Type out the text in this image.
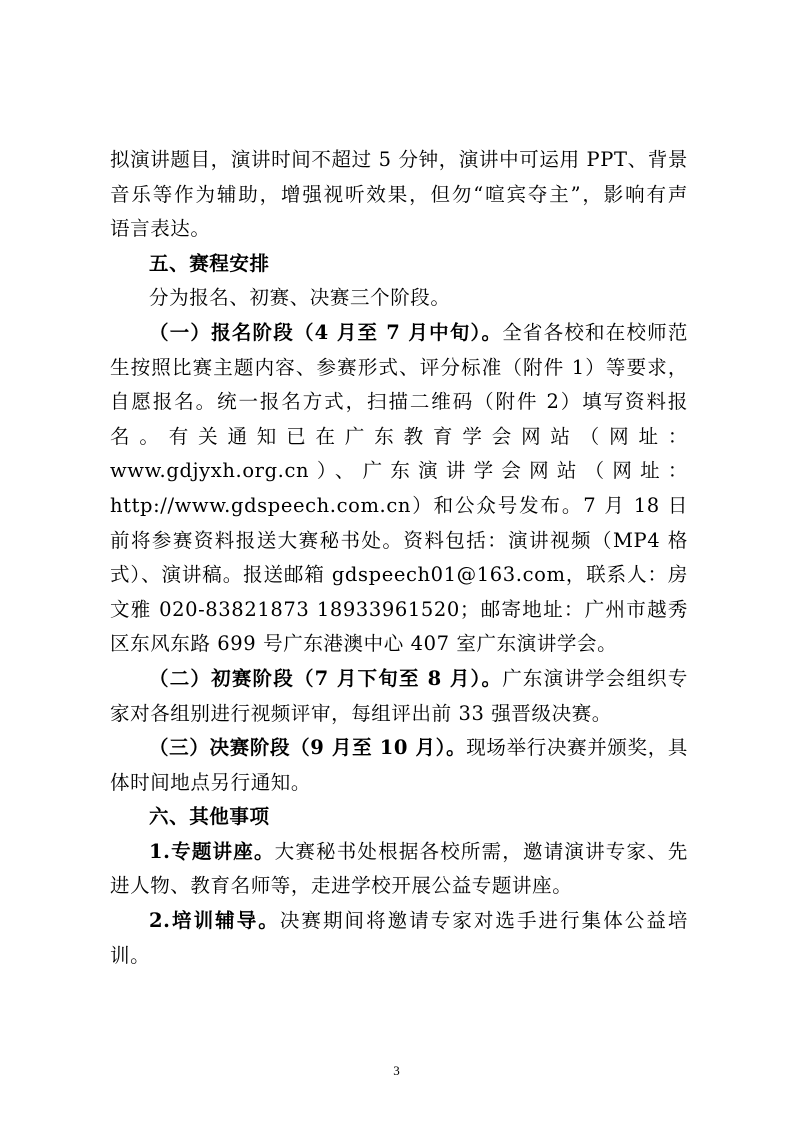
拟演讲题目，演讲时间不超过 5 分钟，演讲中可运用 PPT、背景

音乐等作为辅助，增强视听效果，但勿“喧宾夺主”，影响有声

语言表达。

五、赛程安排

分为报名、初赛、决赛三个阶段。

（一）报名阶段（4 月至 7 月中旬）。全省各校和在校师范生按照比赛主题内容、参赛形式、评分标准（附件 1）等要求，自愿报名。统一报名方式，扫描二维码（附件 2）填写资料报名。有关通知已在广东教育学会网站（网址：www.gdjyxh.org.cn）、广东演讲学会网站（网址：http://www.gdspeech.com.cn）和公众号发布。7 月 18 日前将参赛资料报送大赛秘书处。资料包括：演讲视频（MP4 格式）、演讲稿。报送邮箱 gdspeech01@163.com，联系人：房文雅 020-83821873 18933961520；邮寄地址：广州市越秀区东风东路 699 号广东港澳中心 407 室广东演讲学会。

（二）初赛阶段（7 月下旬至 8 月）。广东演讲学会组织专家对各组别进行视频评审，每组评出前 33 强晋级决赛。

（三）决赛阶段（9 月至 10 月）。现场举行决赛并颁奖，具体时间地点另行通知。

六、其他事项

1.专题讲座。大赛秘书处根据各校所需，邀请演讲专家、先进人物、教育名师等，走进学校开展公益专题讲座。

2.培训辅导。决赛期间将邀请专家对选手进行集体公益培训。

3
